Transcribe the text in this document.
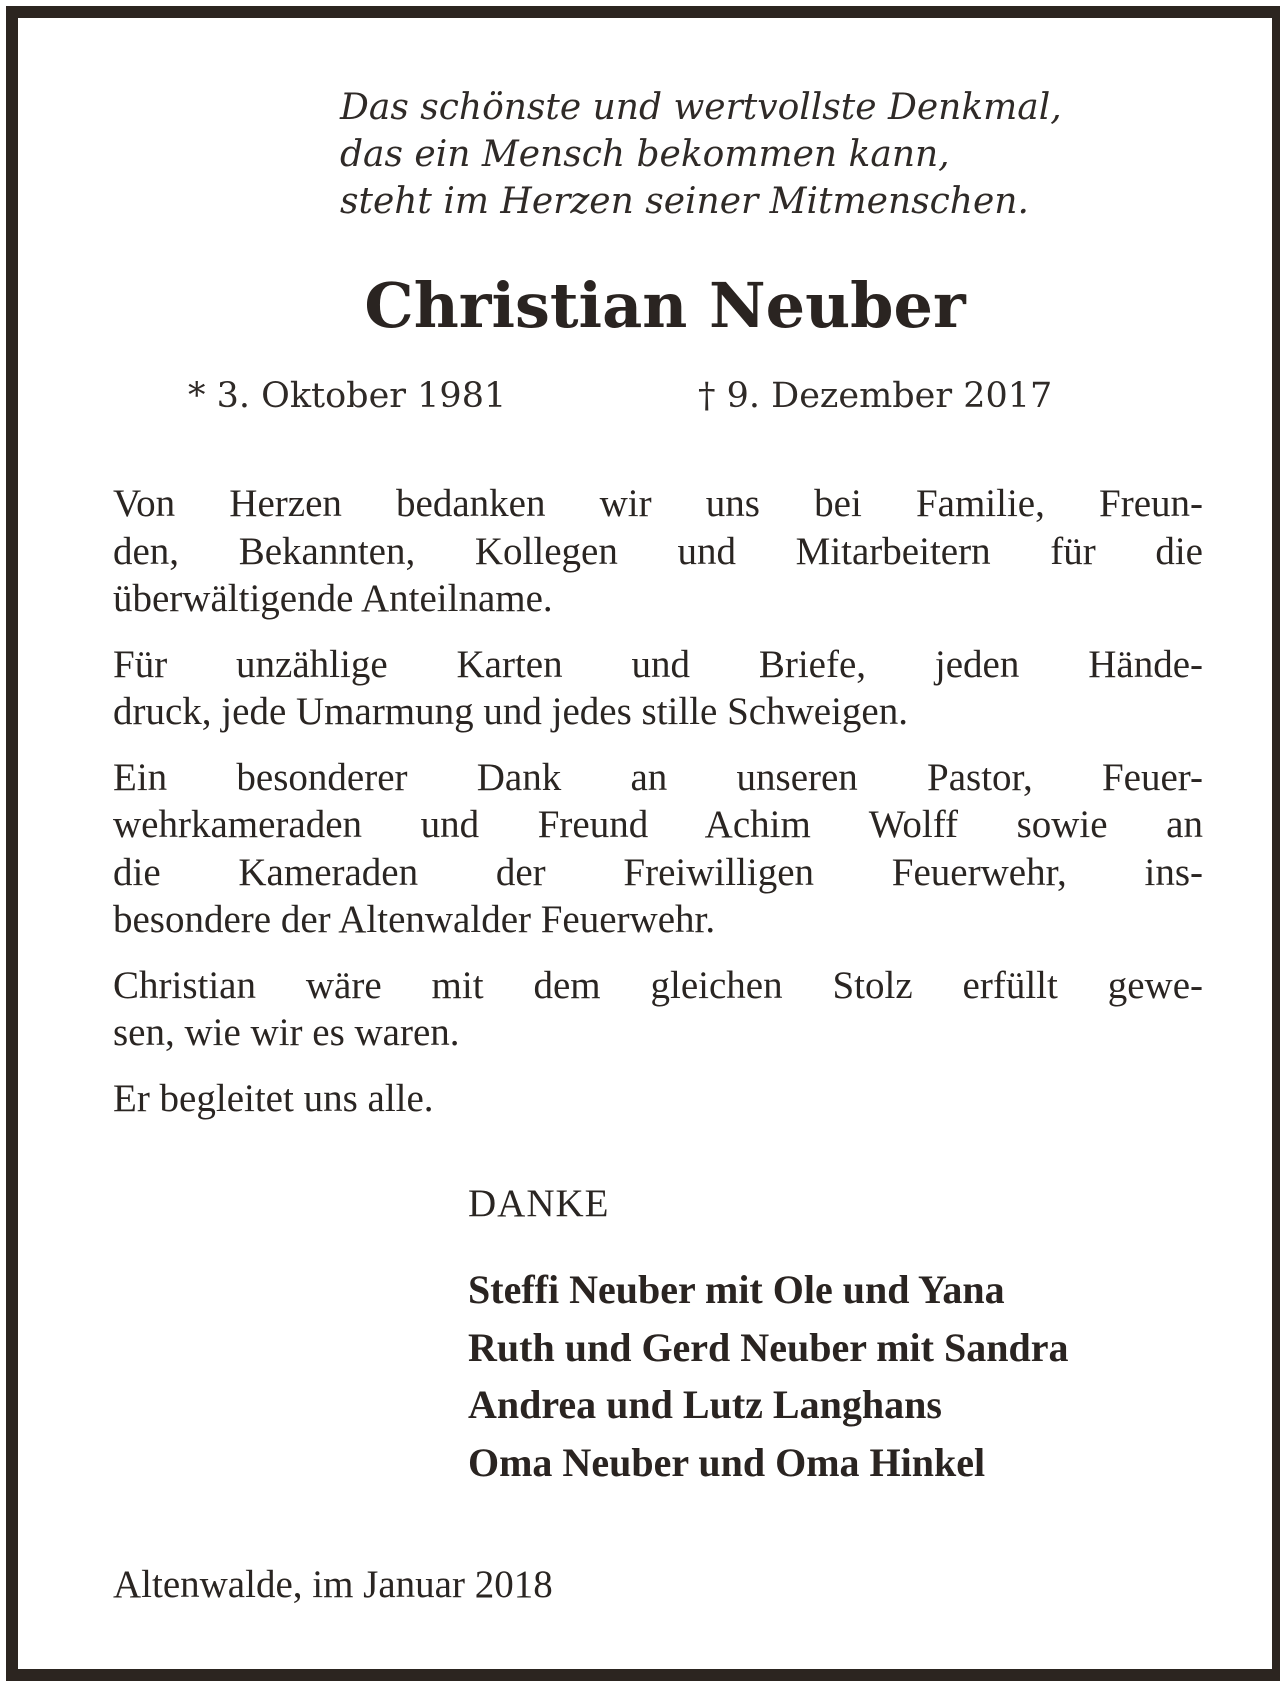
Das schönste und wertvollste Denkmal,
das ein Mensch bekommen kann,
steht im Herzen seiner Mitmenschen.
Christian Neuber
* 3. Oktober 1981	† 9. Dezember 2017
Von Herzen bedanken wir uns bei Familie, Freun-
den, Bekannten, Kollegen und Mitarbeitern für die
überwältigende Anteilname.
Für unzählige Karten und Briefe, jeden Hände-
druck, jede Umarmung und jedes stille Schweigen.
Ein besonderer Dank an unseren Pastor, Feuer-
wehrkameraden und Freund Achim Wolff sowie an
die Kameraden der Freiwilligen Feuerwehr, ins-
besondere der Altenwalder Feuerwehr.
Christian wäre mit dem gleichen Stolz erfüllt gewe-
sen, wie wir es waren.
Er begleitet uns alle.
DANKE
Steffi Neuber mit Ole und Yana
Ruth und Gerd Neuber mit Sandra
Andrea und Lutz Langhans
Oma Neuber und Oma Hinkel
Altenwalde, im Januar 2018
